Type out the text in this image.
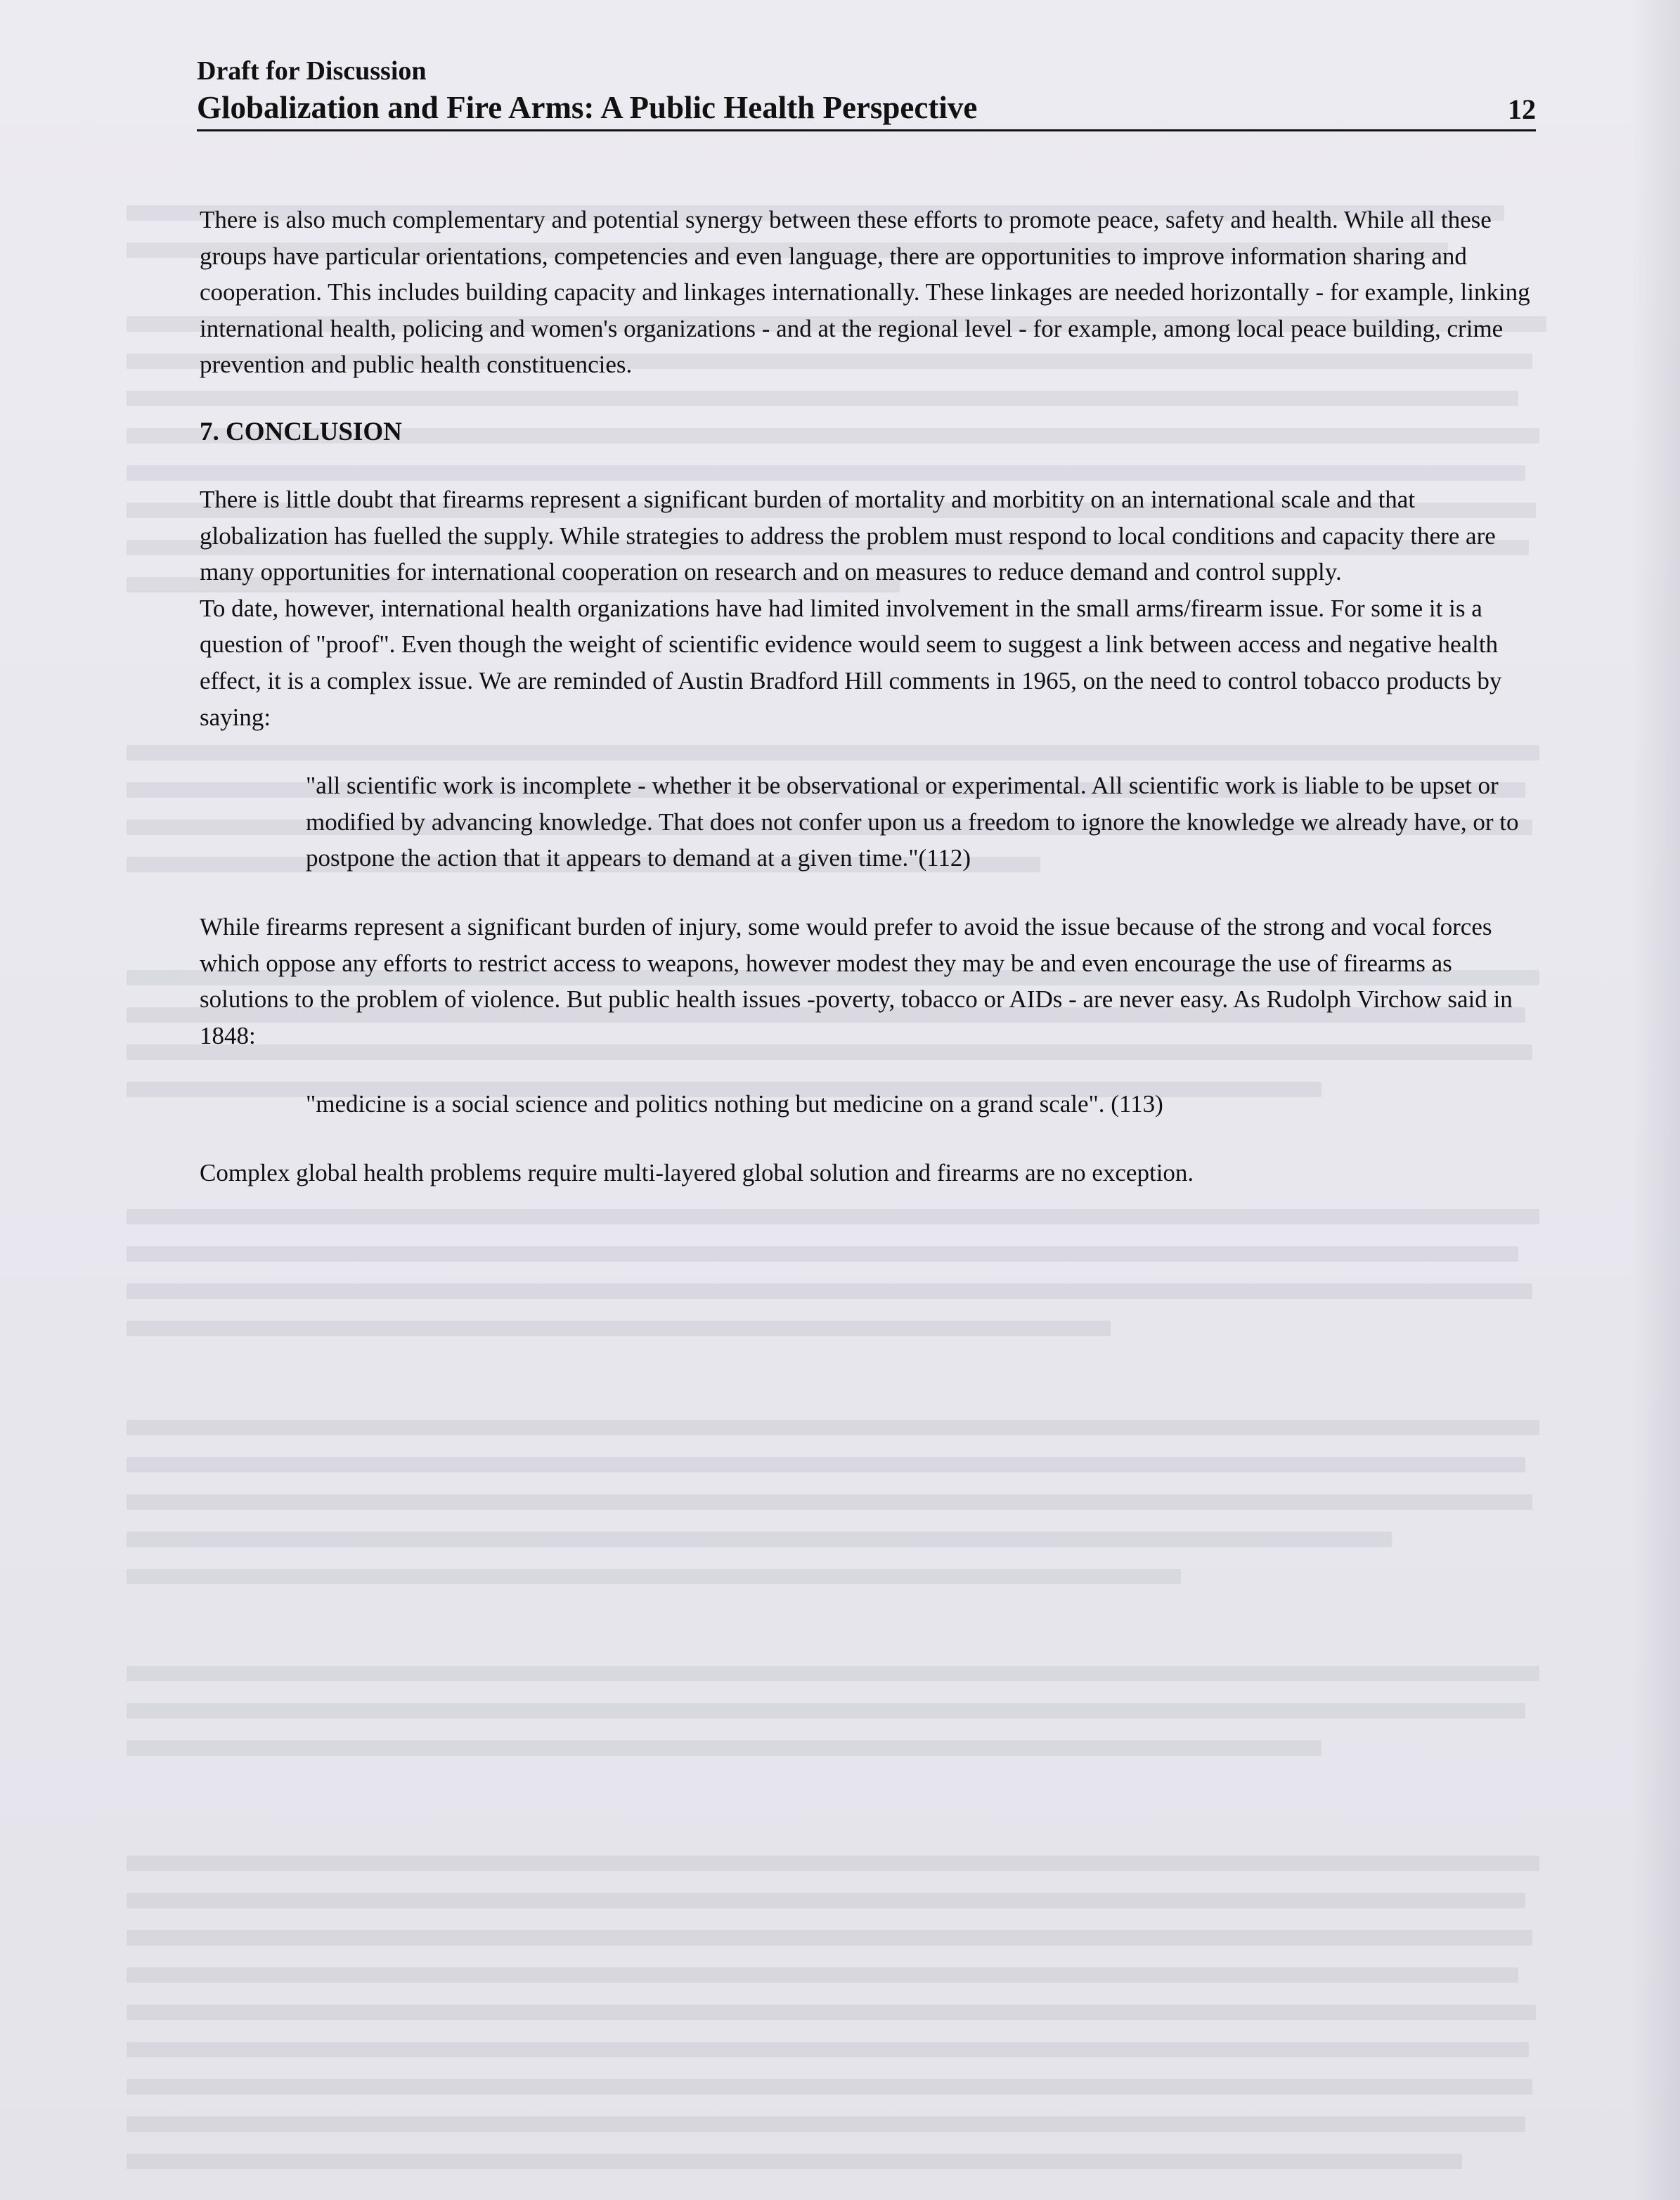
Draft for Discussion

Globalization and Fire Arms: A Public Health Perspective	12

There is also much complementary and potential synergy between these efforts to promote peace, safety and health. While all these groups have particular orientations, competencies and even language, there are opportunities to improve information sharing and cooperation. This includes building capacity and linkages internationally. These linkages are needed horizontally - for example, linking international health, policing and women's organizations - and at the regional level - for example, among local peace building, crime prevention and public health constituencies.

7. CONCLUSION

There is little doubt that firearms represent a significant burden of mortality and morbitity on an international scale and that globalization has fuelled the supply. While strategies to address the problem must respond to local conditions and capacity there are many opportunities for international cooperation on research and on measures to reduce demand and control supply.

To date, however, international health organizations have had limited involvement in the small arms/firearm issue. For some it is a question of "proof". Even though the weight of scientific evidence would seem to suggest a link between access and negative health effect, it is a complex issue. We are reminded of Austin Bradford Hill comments in 1965, on the need to control tobacco products by saying:

"all scientific work is incomplete - whether it be observational or experimental. All scientific work is liable to be upset or modified by advancing knowledge. That does not confer upon us a freedom to ignore the knowledge we already have, or to postpone the action that it appears to demand at a given time."(112)

While firearms represent a significant burden of injury, some would prefer to avoid the issue because of the strong and vocal forces which oppose any efforts to restrict access to weapons, however modest they may be and even encourage the use of firearms as solutions to the problem of violence. But public health issues -poverty, tobacco or AIDs - are never easy. As Rudolph Virchow said in 1848:

"medicine is a social science and politics nothing but medicine on a grand scale". (113)

Complex global health problems require multi-layered global solution and firearms are no exception.
